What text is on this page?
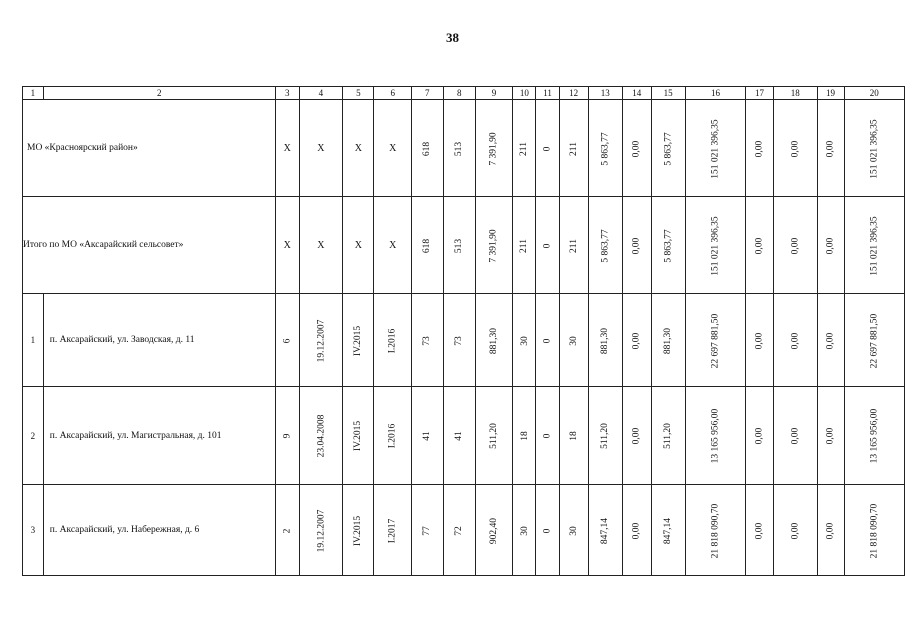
38
1	2	3	4	5	6	7	8	9	10	11	12	13	14	15	16	17	18	19	20
МО «Красноярский район»		Х	Х	Х	Х	618	513	7 391,90	211	0	211	5 863,77	0,00	5 863,77	151 021 396,35	0,00	0,00	0,00	151 021 396,35
Итого по МО «Аксарайский сельсовет»		Х	Х	Х	Х	618	513	7 391,90	211	0	211	5 863,77	0,00	5 863,77	151 021 396,35	0,00	0,00	0,00	151 021 396,35
1	п. Аксарайский, ул. Заводская, д. 11	6	19.12.2007	IV.2015	I.2016	73	73	881,30	30	0	30	881,30	0,00	881,30	22 697 881,50	0,00	0,00	0,00	22 697 881,50
2	п. Аксарайский, ул. Магистральная, д. 101	9	23.04.2008	IV.2015	I.2016	41	41	511,20	18	0	18	511,20	0,00	511,20	13 165 956,00	0,00	0,00	0,00	13 165 956,00
3	п. Аксарайский, ул. Набережная, д. 6	2	19.12.2007	IV.2015	I.2017	77	72	902,40	30	0	30	847,14	0,00	847,14	21 818 090,70	0,00	0,00	0,00	21 818 090,70
